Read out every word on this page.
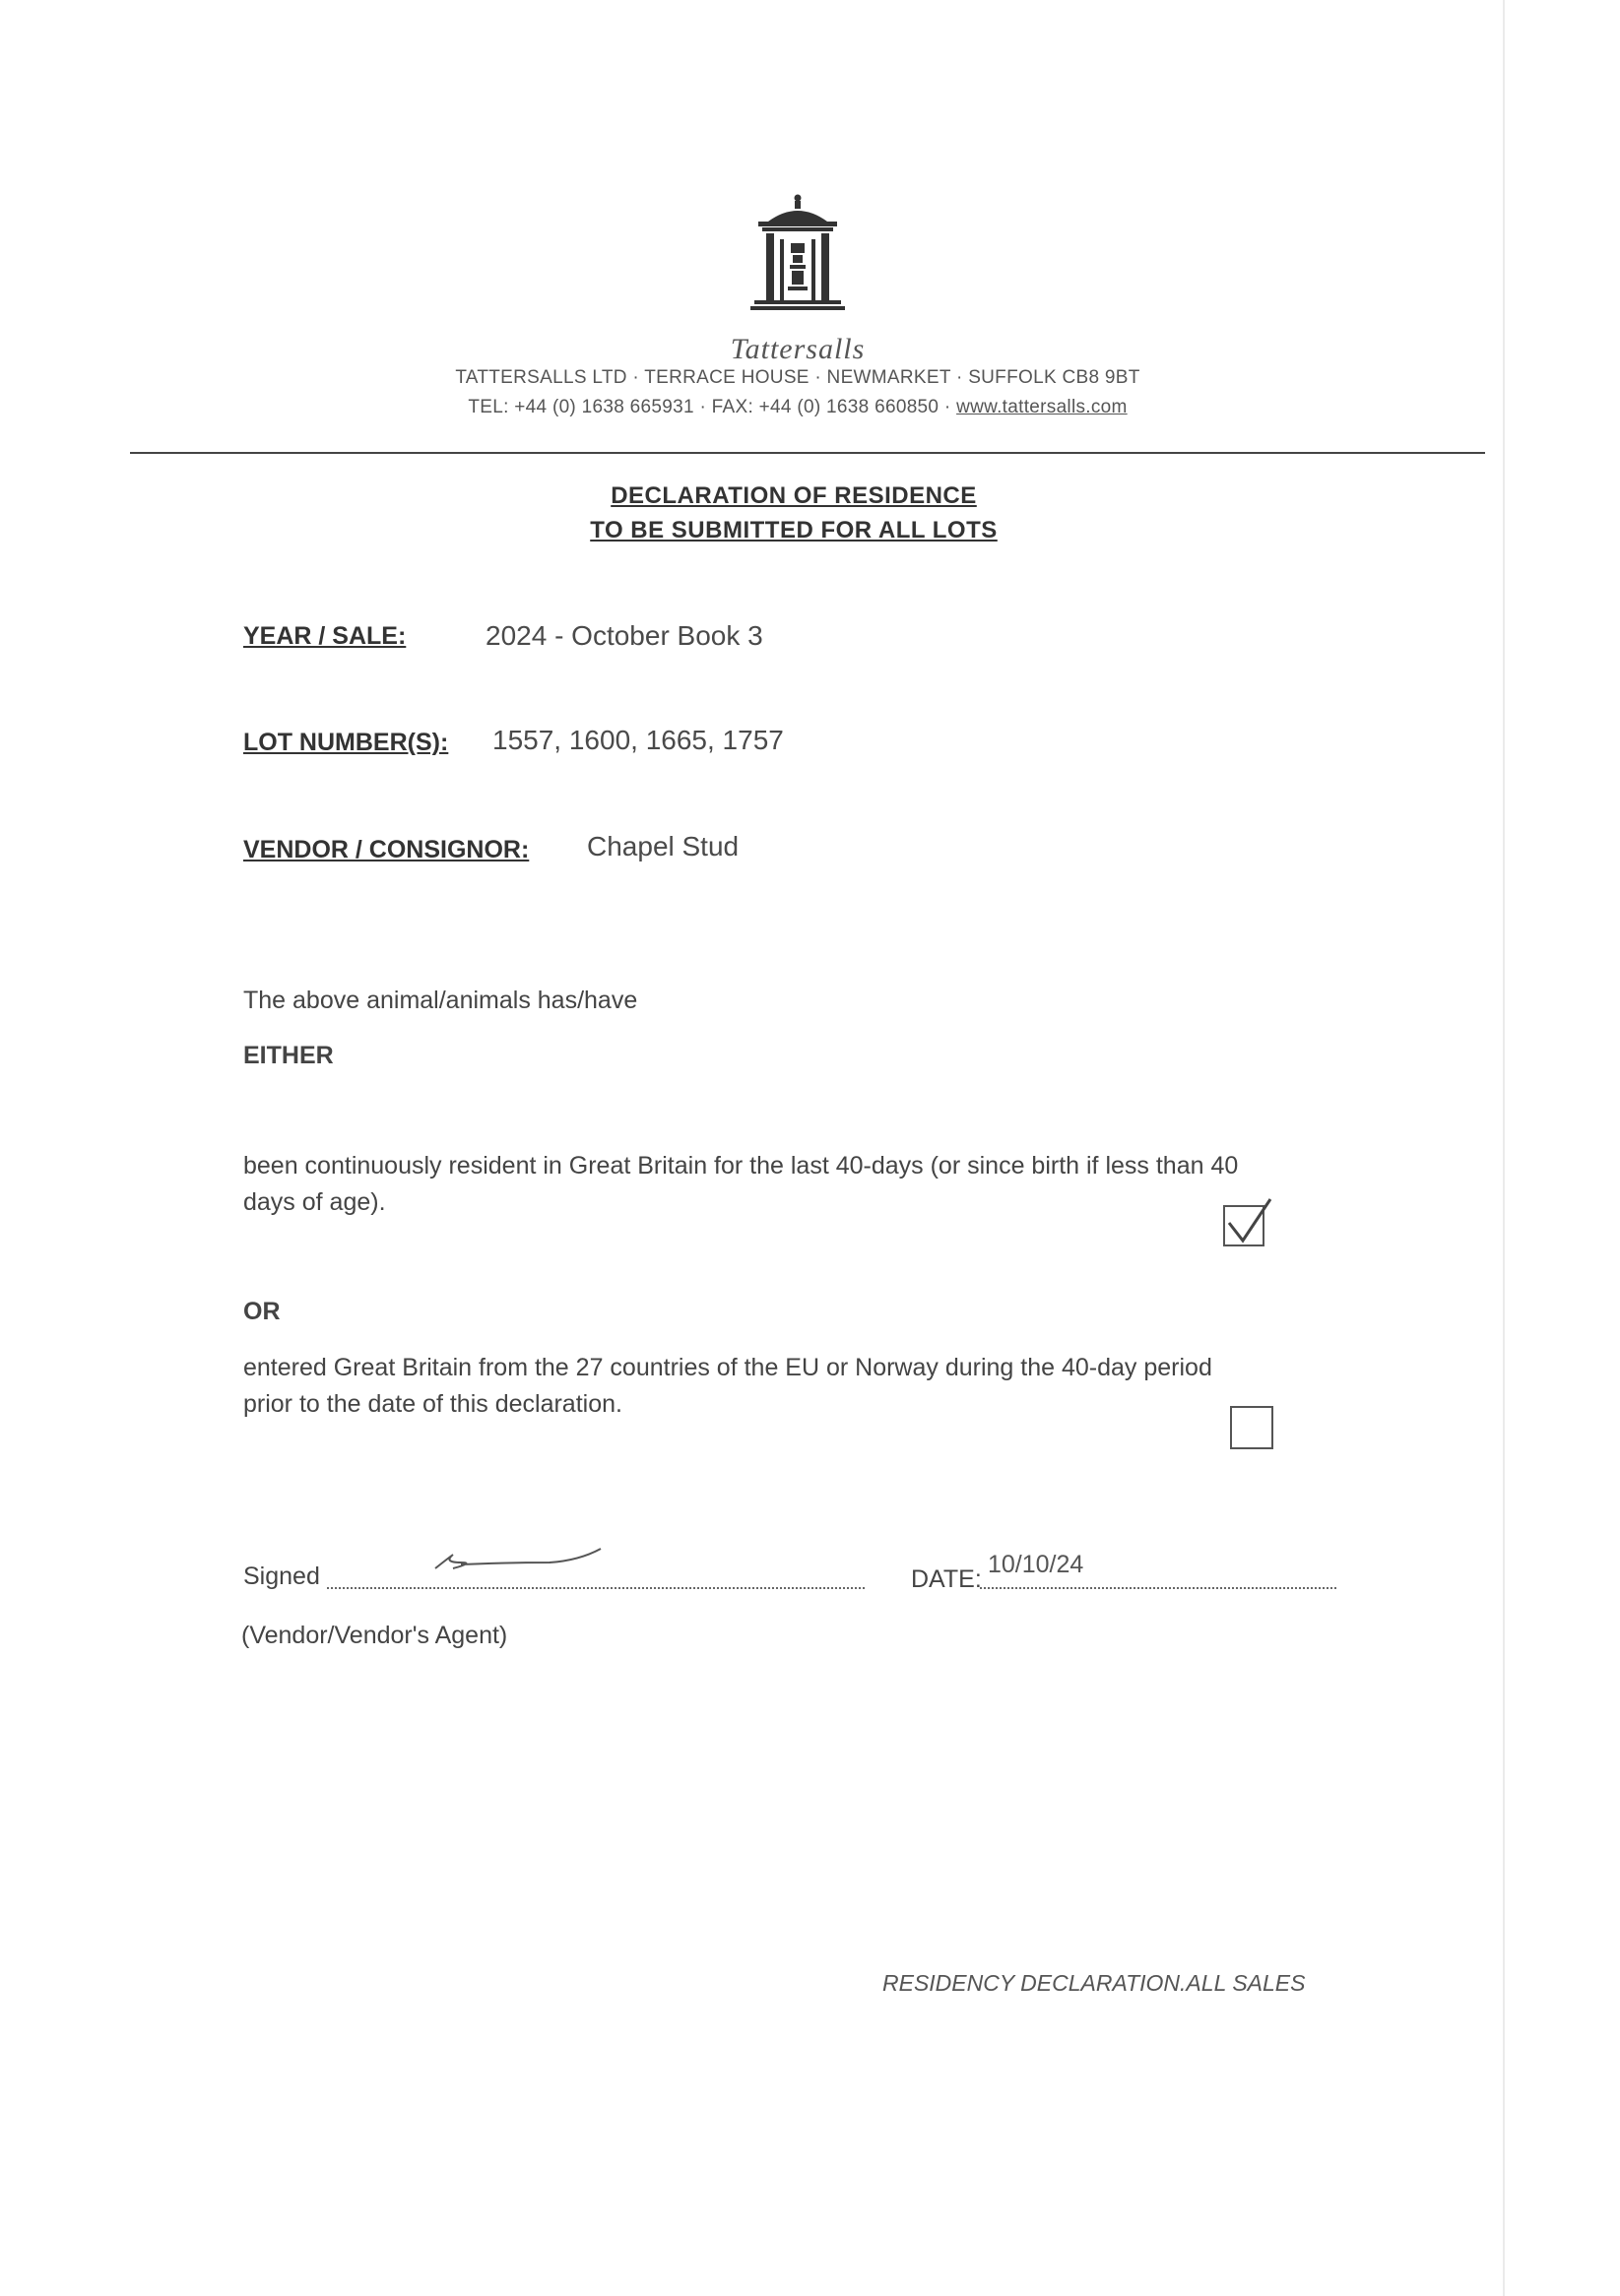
Tattersalls
TATTERSALLS LTD · TERRACE HOUSE · NEWMARKET · SUFFOLK CB8 9BT
TEL: +44 (0) 1638 665931 · FAX: +44 (0) 1638 660850 · www.tattersalls.com
DECLARATION OF RESIDENCE
TO BE SUBMITTED FOR ALL LOTS
YEAR / SALE:	2024 - October Book 3
LOT NUMBER(S): 1557, 1600, 1665, 1757
VENDOR / CONSIGNOR: Chapel Stud
The above animal/animals has/have
EITHER
been continuously resident in Great Britain for the last 40-days (or since birth if less than 40
days of age).
OR
entered Great Britain from the 27 countries of the EU or Norway during the 40-day period
prior to the date of this declaration.
Signed	DATE:
10/10/24
(Vendor/Vendor's Agent)
RESIDENCY DECLARATION.ALL SALES
